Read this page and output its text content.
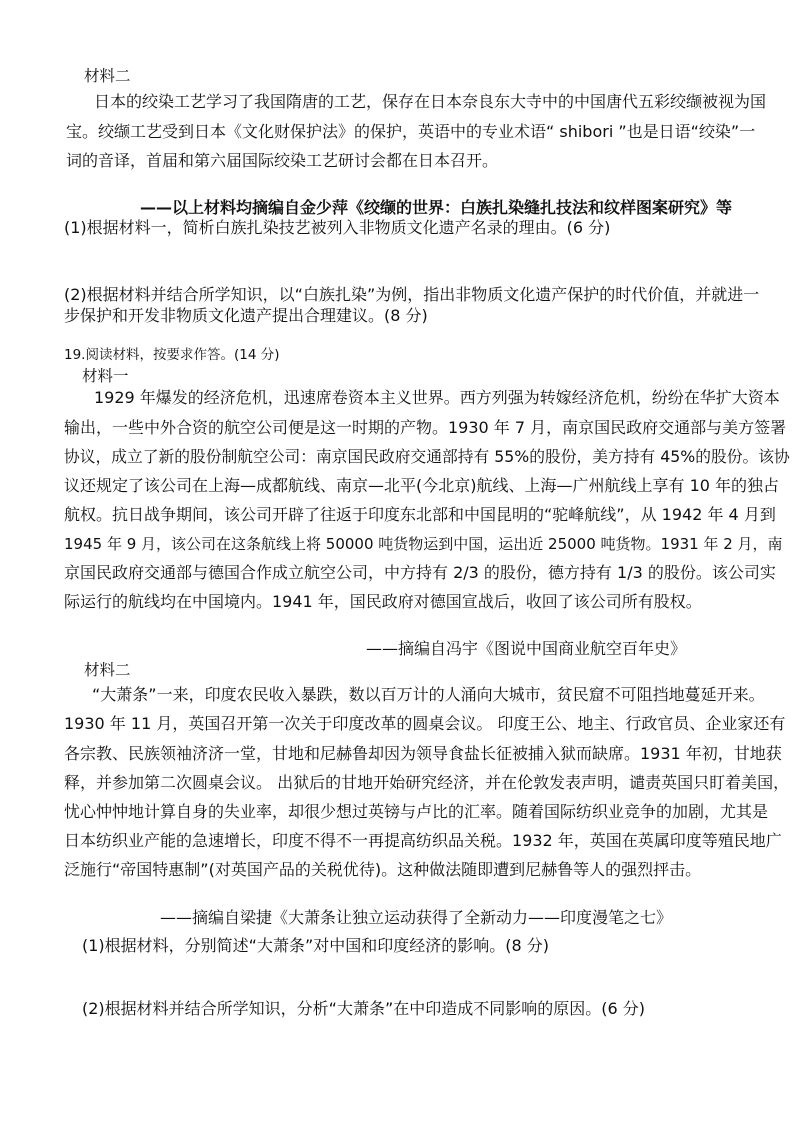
材料二

日本的绞染工艺学习了我国隋唐的工艺，保存在日本奈良东大寺中的中国唐代五彩绞缬被视为国

宝。绞缬工艺受到日本《文化财保护法》的保护，英语中的专业术语“ shibori ”也是日语“绞染”一

词的音译，首届和第六届国际绞染工艺研讨会都在日本召开。

——以上材料均摘编自金少萍《绞缬的世界：白族扎染缝扎技法和纹样图案研究》等

(1)根据材料一，简析白族扎染技艺被列入非物质文化遗产名录的理由。(6 分)

(2)根据材料并结合所学知识，以“白族扎染”为例，指出非物质文化遗产保护的时代价值，并就进一

步保护和开发非物质文化遗产提出合理建议。(8 分)

19.阅读材料，按要求作答。(14 分)

材料一

1929 年爆发的经济危机，迅速席卷资本主义世界。西方列强为转嫁经济危机，纷纷在华扩大资本

输出，一些中外合资的航空公司便是这一时期的产物。1930 年 7 月，南京国民政府交通部与美方签署

协议，成立了新的股份制航空公司：南京国民政府交通部持有 55%的股份，美方持有 45%的股份。该协

议还规定了该公司在上海—成都航线、南京—北平(今北京)航线、上海—广州航线上享有 10 年的独占

航权。抗日战争期间，该公司开辟了往返于印度东北部和中国昆明的“驼峰航线”，从 1942 年 4 月到

1945 年 9 月，该公司在这条航线上将 50000 吨货物运到中国，运出近 25000 吨货物。1931 年 2 月，南

京国民政府交通部与德国合作成立航空公司，中方持有 2/3 的股份，德方持有 1/3 的股份。该公司实

际运行的航线均在中国境内。1941 年，国民政府对德国宣战后，收回了该公司所有股权。

——摘编自冯宇《图说中国商业航空百年史》

材料二

“大萧条”一来，印度农民收入暴跌，数以百万计的人涌向大城市，贫民窟不可阻挡地蔓延开来。

1930 年 11 月，英国召开第一次关于印度改革的圆桌会议。 印度王公、地主、行政官员、企业家还有

各宗教、民族领袖济济一堂，甘地和尼赫鲁却因为领导食盐长征被捕入狱而缺席。1931 年初，甘地获

释，并参加第二次圆桌会议。 出狱后的甘地开始研究经济，并在伦敦发表声明，谴责英国只盯着美国，

忧心忡忡地计算自身的失业率，却很少想过英镑与卢比的汇率。随着国际纺织业竞争的加剧，尤其是

日本纺织业产能的急速增长，印度不得不一再提高纺织品关税。1932 年，英国在英属印度等殖民地广

泛施行“帝国特惠制”(对英国产品的关税优待)。这种做法随即遭到尼赫鲁等人的强烈抨击。

——摘编自梁捷《大萧条让独立运动获得了全新动力——印度漫笔之七》

(1)根据材料，分别简述“大萧条”对中国和印度经济的影响。(8 分)

(2)根据材料并结合所学知识，分析“大萧条”在中印造成不同影响的原因。(6 分)
